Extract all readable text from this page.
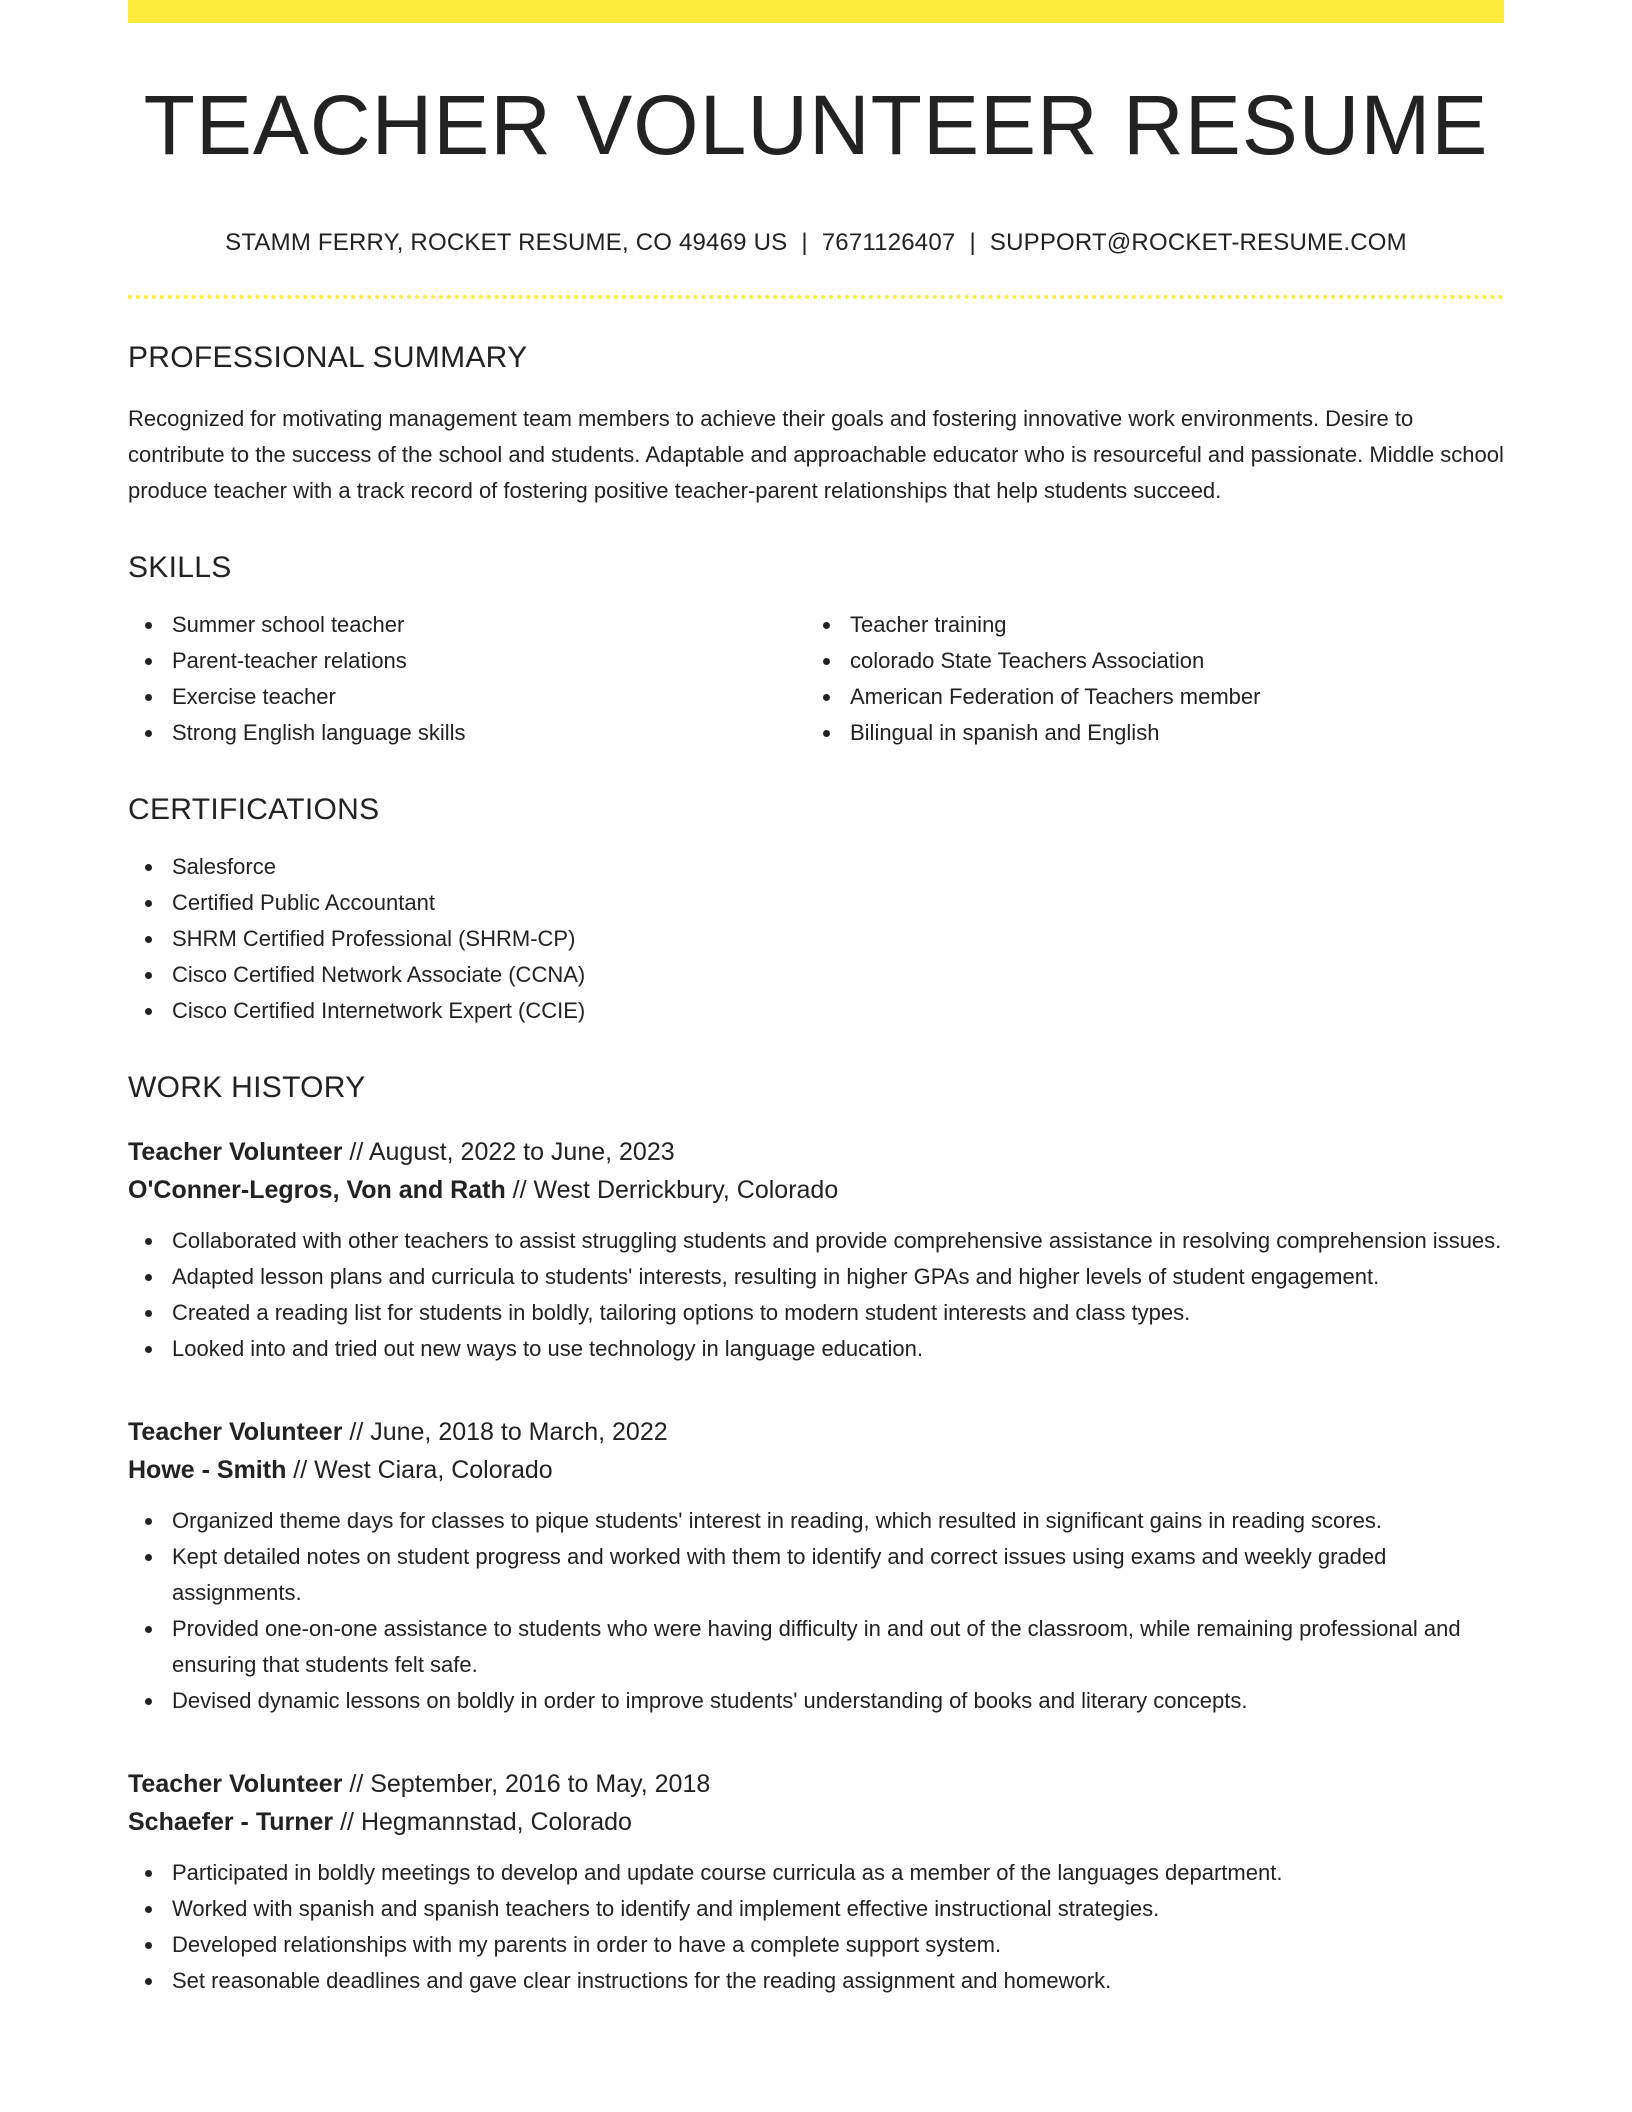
TEACHER VOLUNTEER RESUME
STAMM FERRY, ROCKET RESUME, CO 49469 US | 7671126407 | SUPPORT@ROCKET-RESUME.COM
PROFESSIONAL SUMMARY
Recognized for motivating management team members to achieve their goals and fostering innovative work environments. Desire to contribute to the success of the school and students. Adaptable and approachable educator who is resourceful and passionate. Middle school produce teacher with a track record of fostering positive teacher-parent relationships that help students succeed.
SKILLS
Summer school teacher
Parent-teacher relations
Exercise teacher
Strong English language skills
Teacher training
colorado State Teachers Association
American Federation of Teachers member
Bilingual in spanish and English
CERTIFICATIONS
Salesforce
Certified Public Accountant
SHRM Certified Professional (SHRM-CP)
Cisco Certified Network Associate (CCNA)
Cisco Certified Internetwork Expert (CCIE)
WORK HISTORY
Teacher Volunteer // August, 2022 to June, 2023
O'Conner-Legros, Von and Rath // West Derrickbury, Colorado
Collaborated with other teachers to assist struggling students and provide comprehensive assistance in resolving comprehension issues.
Adapted lesson plans and curricula to students' interests, resulting in higher GPAs and higher levels of student engagement.
Created a reading list for students in boldly, tailoring options to modern student interests and class types.
Looked into and tried out new ways to use technology in language education.
Teacher Volunteer // June, 2018 to March, 2022
Howe - Smith // West Ciara, Colorado
Organized theme days for classes to pique students' interest in reading, which resulted in significant gains in reading scores.
Kept detailed notes on student progress and worked with them to identify and correct issues using exams and weekly graded assignments.
Provided one-on-one assistance to students who were having difficulty in and out of the classroom, while remaining professional and ensuring that students felt safe.
Devised dynamic lessons on boldly in order to improve students' understanding of books and literary concepts.
Teacher Volunteer // September, 2016 to May, 2018
Schaefer - Turner // Hegmannstad, Colorado
Participated in boldly meetings to develop and update course curricula as a member of the languages department.
Worked with spanish and spanish teachers to identify and implement effective instructional strategies.
Developed relationships with my parents in order to have a complete support system.
Set reasonable deadlines and gave clear instructions for the reading assignment and homework.
